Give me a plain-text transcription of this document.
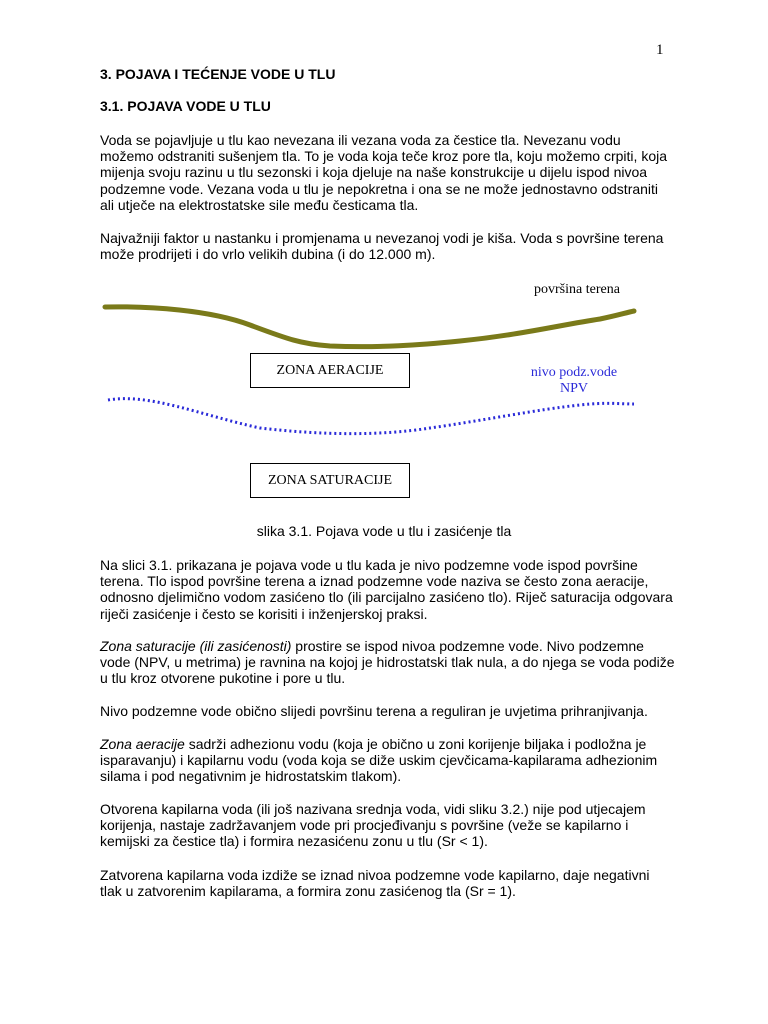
1
3. POJAVA I TEĆENJE VODE U TLU
3.1. POJAVA VODE U TLU

Voda se pojavljuje u tlu kao nevezana ili vezana voda za čestice tla. Nevezanu vodu možemo odstraniti sušenjem tla. To je voda koja teče kroz pore tla, koju možemo crpiti, koja mijenja svoju razinu u tlu sezonski i koja djeluje na naše konstrukcije u dijelu ispod nivoa podzemne vode. Vezana voda u tlu je nepokretna i ona se ne može jednostavno odstraniti ali utječe na elektrostatske sile među česticama tla.

Najvažniji faktor u nastanku i promjenama u nevezanoj vodi je kiša. Voda s površine terena može prodrijeti i do vrlo velikih dubina (i do 12.000 m).

površina terena
ZONA AERACIJE	nivo podz.vode
NPV
ZONA SATURACIJE
slika 3.1. Pojava vode u tlu i zasićenje tla

Na slici 3.1. prikazana je pojava vode u tlu kada je nivo podzemne vode ispod površine terena. Tlo ispod površine terena a iznad podzemne vode naziva se često zona aeracije, odnosno djelimično vodom zasićeno tlo (ili parcijalno zasićeno tlo). Riječ saturacija odgovara riječi zasićenje i često se korisiti i inženjerskoj praksi.

Zona saturacije (ili zasićenosti) prostire se ispod nivoa podzemne vode. Nivo podzemne vode (NPV, u metrima) je ravnina na kojoj je hidrostatski tlak nula, a do njega se voda podiže u tlu kroz otvorene pukotine i pore u tlu.

Nivo podzemne vode obično slijedi površinu terena a reguliran je uvjetima prihranjivanja.

Zona aeracije sadrži adhezionu vodu (koja je obično u zoni korijenje biljaka i podložna je isparavanju) i kapilarnu vodu (voda koja se diže uskim cjevčicama-kapilarama adhezionim silama i pod negativnim je hidrostatskim tlakom).

Otvorena kapilarna voda (ili još nazivana srednja voda, vidi sliku 3.2.) nije pod utjecajem korijenja, nastaje zadržavanjem vode pri procjeđivanju s površine (veže se kapilarno i kemijski za čestice tla) i formira nezasićenu zonu u tlu (Sr < 1).

Zatvorena kapilarna voda izdiže se iznad nivoa podzemne vode kapilarno, daje negativni tlak u zatvorenim kapilarama, a formira zonu zasićenog tla (Sr = 1).
